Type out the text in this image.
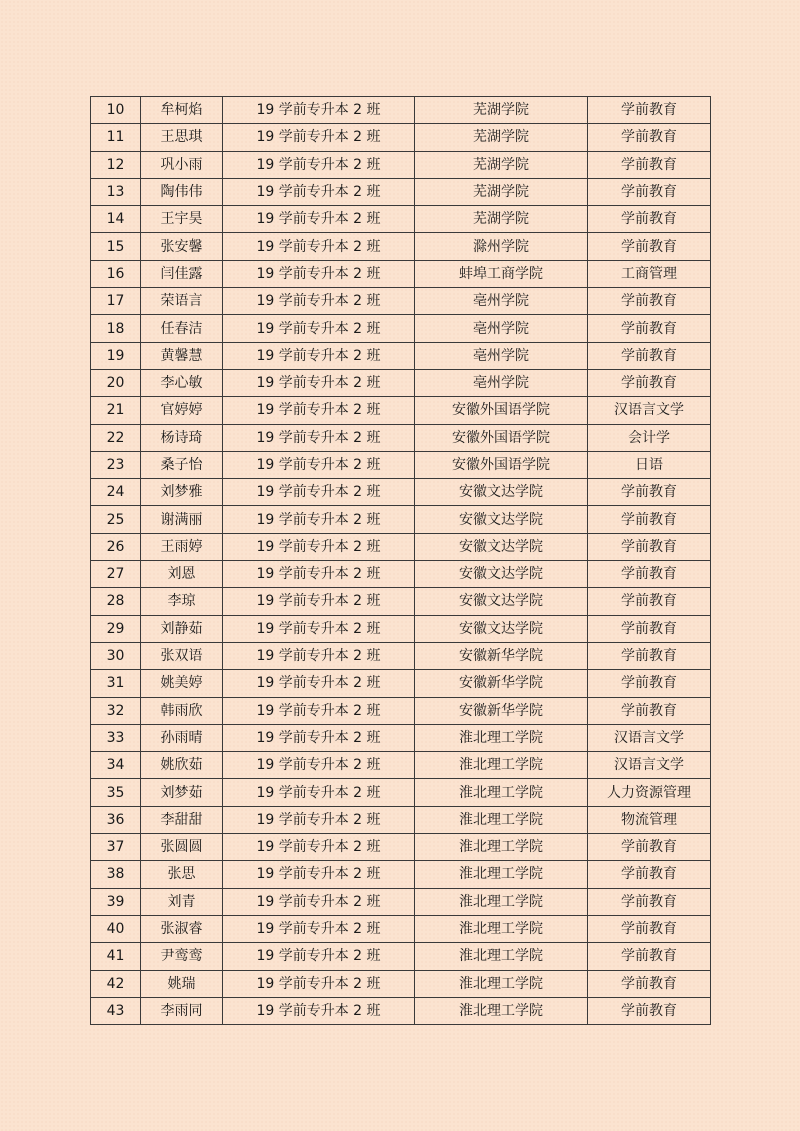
10	牟柯焰	19 学前专升本 2 班	芜湖学院	学前教育
11	王思琪	19 学前专升本 2 班	芜湖学院	学前教育
12	巩小雨	19 学前专升本 2 班	芜湖学院	学前教育
13	陶伟伟	19 学前专升本 2 班	芜湖学院	学前教育
14	王宇昊	19 学前专升本 2 班	芜湖学院	学前教育
15	张安馨	19 学前专升本 2 班	滁州学院	学前教育
16	闫佳露	19 学前专升本 2 班	蚌埠工商学院	工商管理
17	荣语言	19 学前专升本 2 班	亳州学院	学前教育
18	任春洁	19 学前专升本 2 班	亳州学院	学前教育
19	黄馨慧	19 学前专升本 2 班	亳州学院	学前教育
20	李心敏	19 学前专升本 2 班	亳州学院	学前教育
21	官婷婷	19 学前专升本 2 班	安徽外国语学院	汉语言文学
22	杨诗琦	19 学前专升本 2 班	安徽外国语学院	会计学
23	桑子怡	19 学前专升本 2 班	安徽外国语学院	日语
24	刘梦雅	19 学前专升本 2 班	安徽文达学院	学前教育
25	谢满丽	19 学前专升本 2 班	安徽文达学院	学前教育
26	王雨婷	19 学前专升本 2 班	安徽文达学院	学前教育
27	刘恩	19 学前专升本 2 班	安徽文达学院	学前教育
28	李琼	19 学前专升本 2 班	安徽文达学院	学前教育
29	刘静茹	19 学前专升本 2 班	安徽文达学院	学前教育
30	张双语	19 学前专升本 2 班	安徽新华学院	学前教育
31	姚美婷	19 学前专升本 2 班	安徽新华学院	学前教育
32	韩雨欣	19 学前专升本 2 班	安徽新华学院	学前教育
33	孙雨晴	19 学前专升本 2 班	淮北理工学院	汉语言文学
34	姚欣茹	19 学前专升本 2 班	淮北理工学院	汉语言文学
35	刘梦茹	19 学前专升本 2 班	淮北理工学院	人力资源管理
36	李甜甜	19 学前专升本 2 班	淮北理工学院	物流管理
37	张圆圆	19 学前专升本 2 班	淮北理工学院	学前教育
38	张思	19 学前专升本 2 班	淮北理工学院	学前教育
39	刘青	19 学前专升本 2 班	淮北理工学院	学前教育
40	张淑睿	19 学前专升本 2 班	淮北理工学院	学前教育
41	尹鸾鸾	19 学前专升本 2 班	淮北理工学院	学前教育
42	姚瑞	19 学前专升本 2 班	淮北理工学院	学前教育
43	李雨同	19 学前专升本 2 班	淮北理工学院	学前教育
